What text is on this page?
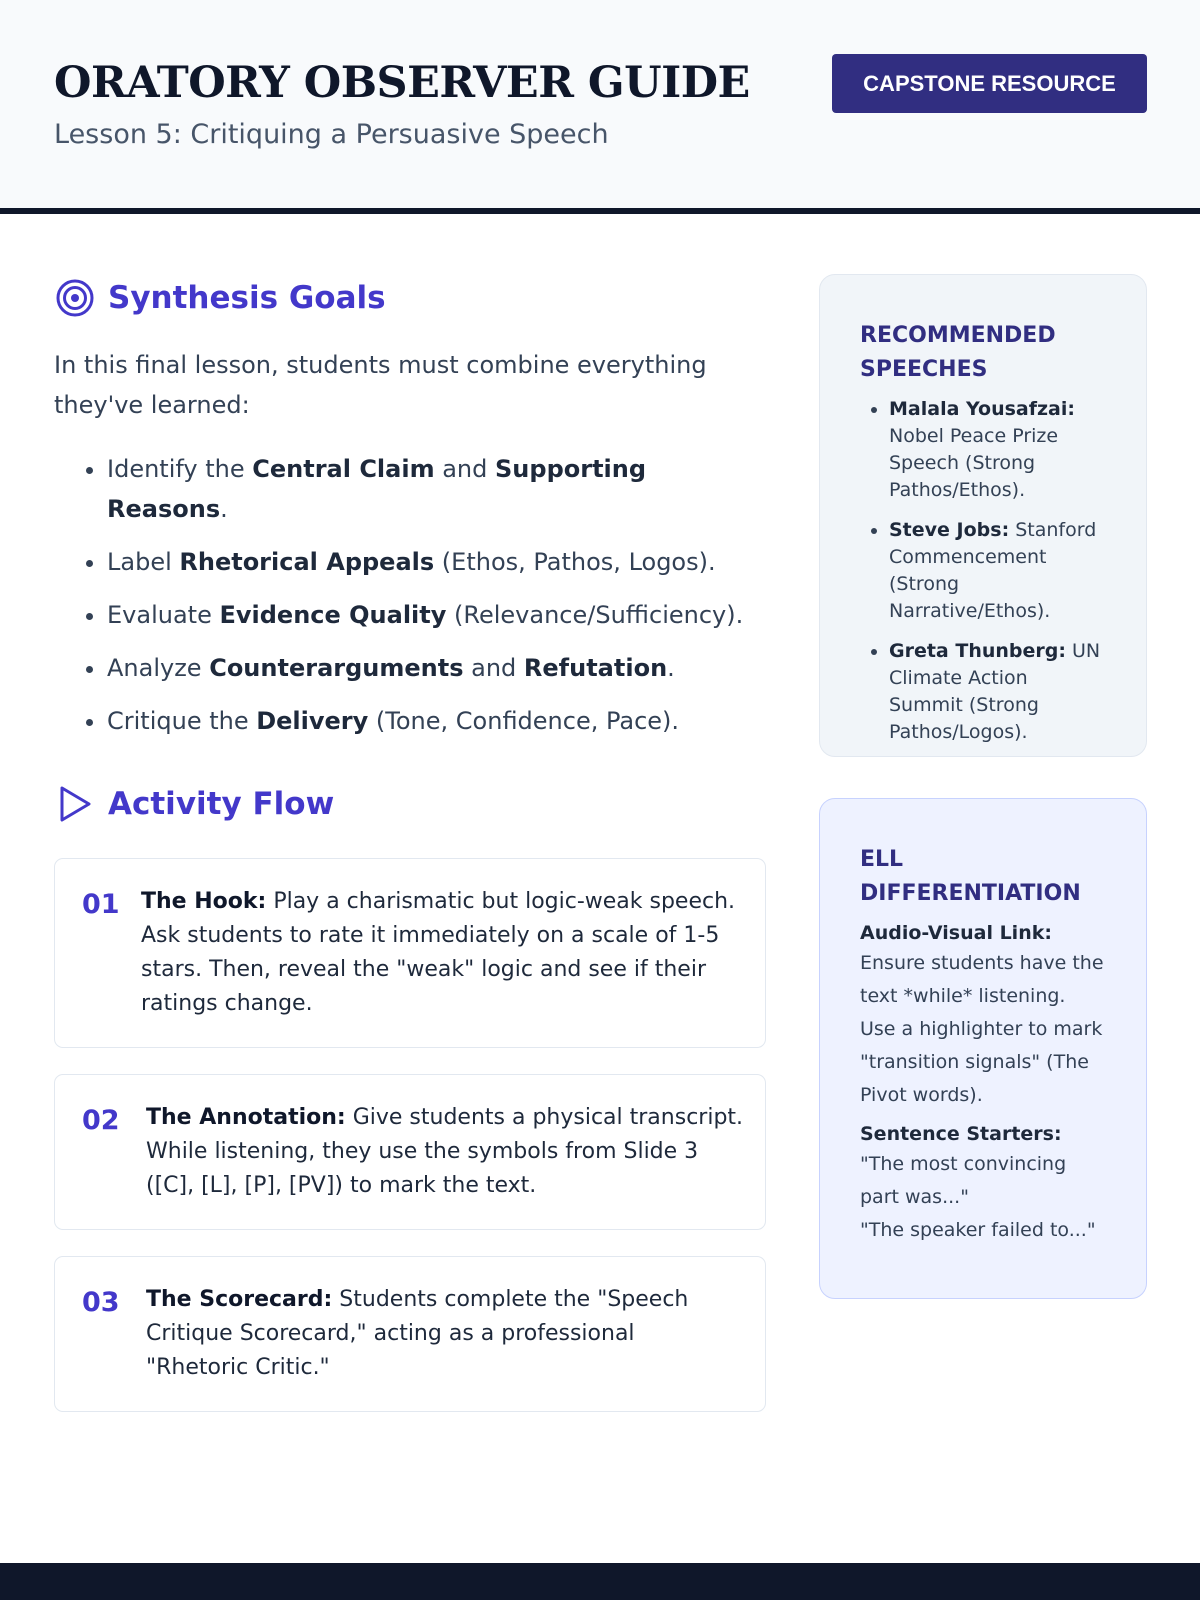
ORATORY OBSERVER GUIDE
Lesson 5: Critiquing a Persuasive Speech
CAPSTONE RESOURCE
Synthesis Goals

In this final lesson, students must combine everything they've learned:

• Identify the Central Claim and Supporting Reasons.
• Label Rhetorical Appeals (Ethos, Pathos, Logos).
• Evaluate Evidence Quality (Relevance/Sufficiency).
• Analyze Counterarguments and Refutation.
• Critique the Delivery (Tone, Confidence, Pace).
Activity Flow
01 The Hook: Play a charismatic but logic-weak speech. Ask students to rate it immediately on a scale of 1-5 stars. Then, reveal the "weak" logic and see if their ratings change.

02 The Annotation: Give students a physical transcript. While listening, they use the symbols from Slide 3 ([C], [L], [P], [PV]) to mark the text.

03 The Scorecard: Students complete the "Speech Critique Scorecard," acting as a professional "Rhetoric Critic."

RECOMMENDED SPEECHES
• Malala Yousafzai: Nobel Peace Prize Speech (Strong Pathos/Ethos).
• Steve Jobs: Stanford Commencement (Strong Narrative/Ethos).
• Greta Thunberg: UN Climate Action Summit (Strong Pathos/Logos).
ELL DIFFERENTIATION
Audio-Visual Link:

Ensure students have the text *while* listening. Use a highlighter to mark "transition signals" (The Pivot words).

Sentence Starters:

"The most convincing part was..."

"The speaker failed to..."
